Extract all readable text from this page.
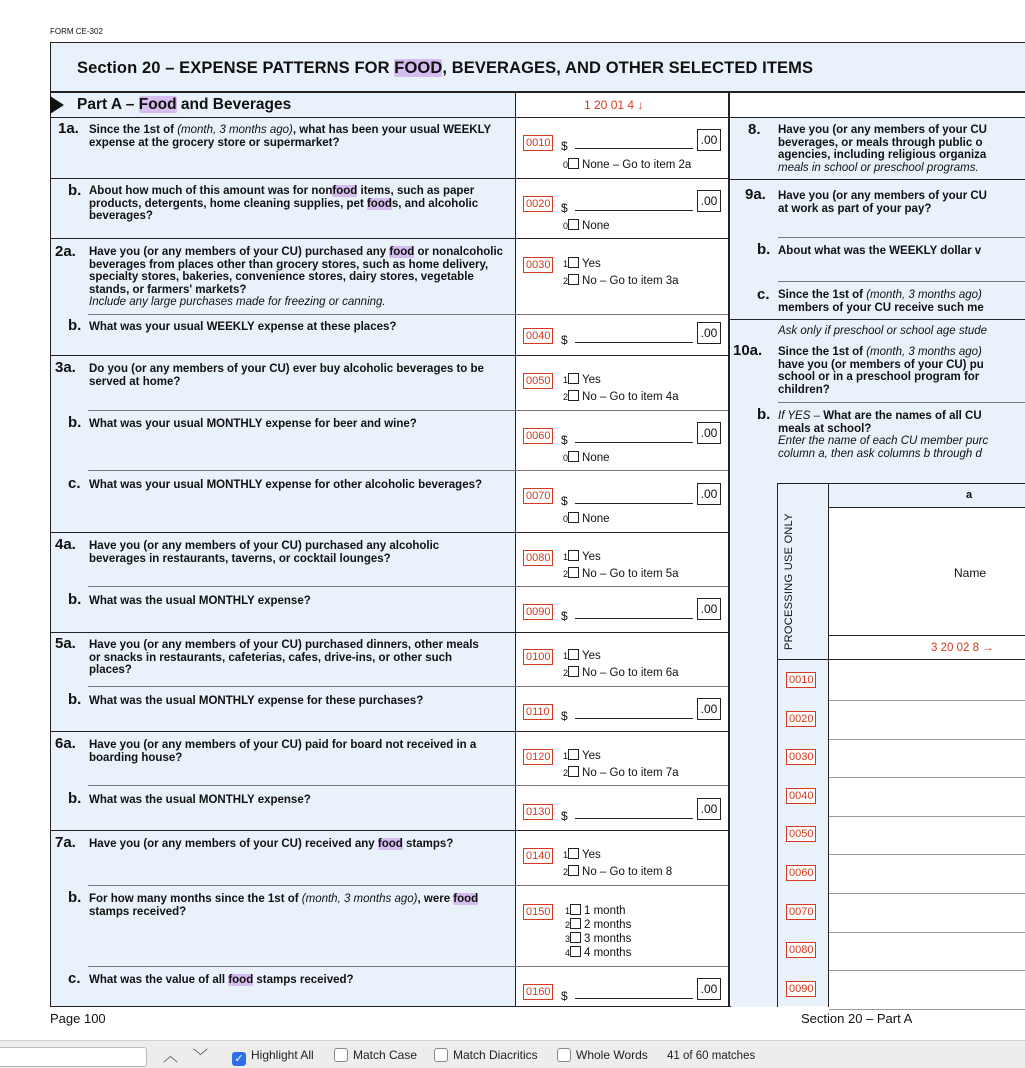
FORM CE-302
Section 20 – EXPENSE PATTERNS FOR FOOD, BEVERAGES, AND OTHER SELECTED ITEMS
Part A – Food and Beverages	1 20 01 4 ↓
1a. Since the 1st of (month, 3 months ago), what has been your usual WEEKLY expense at the grocery store or supermarket?	0010 $	.00
0 None – Go to item 2a
b. About how much of this amount was for nonfood items, such as paper products, detergents, home cleaning supplies, pet foods, and alcoholic beverages?
0020 $	.00
0 None
2a. Have you (or any members of your CU) purchased any food or nonalcoholic beverages from places other than grocery stores, such as home delivery, specialty stores, bakeries, convenience stores, dairy stores, vegetable stands, or farmers' markets?
Include any large purchases made for freezing or canning.
0030	1 Yes
2 No – Go to item 3a
b. What was your usual WEEKLY expense at these places?
0040 $	.00
3a. Do you (or any members of your CU) ever buy alcoholic beverages to be served at home?	0050	1 Yes
2 No – Go to item 4a
b. What was your usual MONTHLY expense for beer and wine?
0060 $	.00
0 None
c. What was your usual MONTHLY expense for other alcoholic beverages?
0070 $	.00
0 None
4a. Have you (or any members of your CU) purchased any alcoholic beverages in restaurants, taverns, or cocktail lounges?	0080	1 Yes
2 No – Go to item 5a
b. What was the usual MONTHLY expense?
0090 $	.00
5a. Have you (or any members of your CU) purchased dinners, other meals or snacks in restaurants, cafeterias, cafes, drive-ins, or other such places?
0100	1 Yes
2 No – Go to item 6a
b. What was the usual MONTHLY expense for these purchases?
0110 $	.00
6a. Have you (or any members of your CU) paid for board not received in a boarding house?	0120	1 Yes
2 No – Go to item 7a
b. What was the usual MONTHLY expense?
0130 $	.00
7a. Have you (or any members of your CU) received any food stamps?
0140	1 Yes
2 No – Go to item 8
b. For how many months since the 1st of (month, 3 months ago), were food stamps received?	0150	1 1 month
2 2 months
3 3 months
4 4 months
c. What was the value of all food stamps received?
0160 $	.00
8. Have you (or any members of your CU
beverages, or meals through public o
agencies, including religious organiza
meals in school or preschool programs.
9a. Have you (or any members of your CU
at work as part of your pay?
b. About what was the WEEKLY dollar v
c. Since the 1st of (month, 3 months ago)
members of your CU receive such me
Ask only if preschool or school age stude
10a. Since the 1st of (month, 3 months ago)
have you (or members of your CU) pu
school or in a preschool program for
children?
b. If YES – What are the names of all CU
meals at school?
Enter the name of each CU member purc
column a, then ask columns b through d
a
Name
3 20 02 8 →
PROCESSING USE ONLY
0010
0020
0030
0040
0050
0060
0070
0080
0090
Page 100	Section 20 – Part A
︿ ﹀ ✓ Highlight All	Match Case	Match Diacritics	Whole Words 41 of 60 matches
